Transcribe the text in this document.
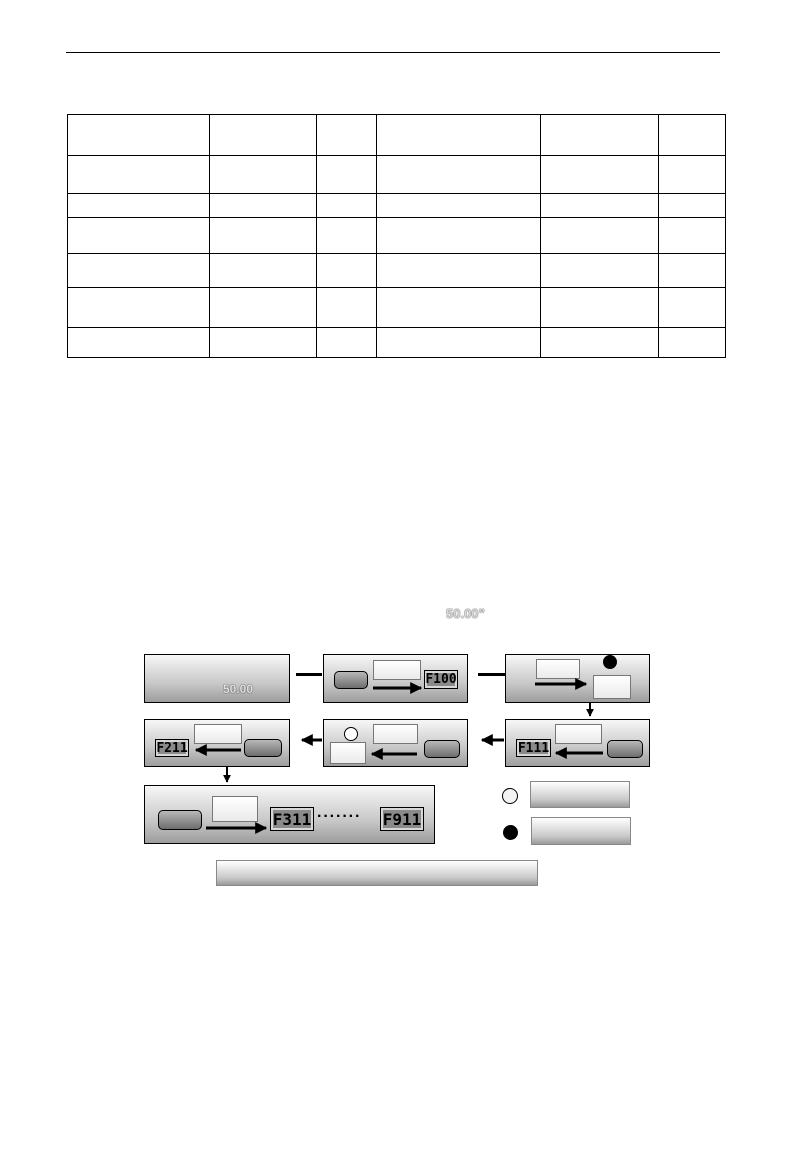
50.00”
50.00
F100
F211	F111
F311 ······· F911
